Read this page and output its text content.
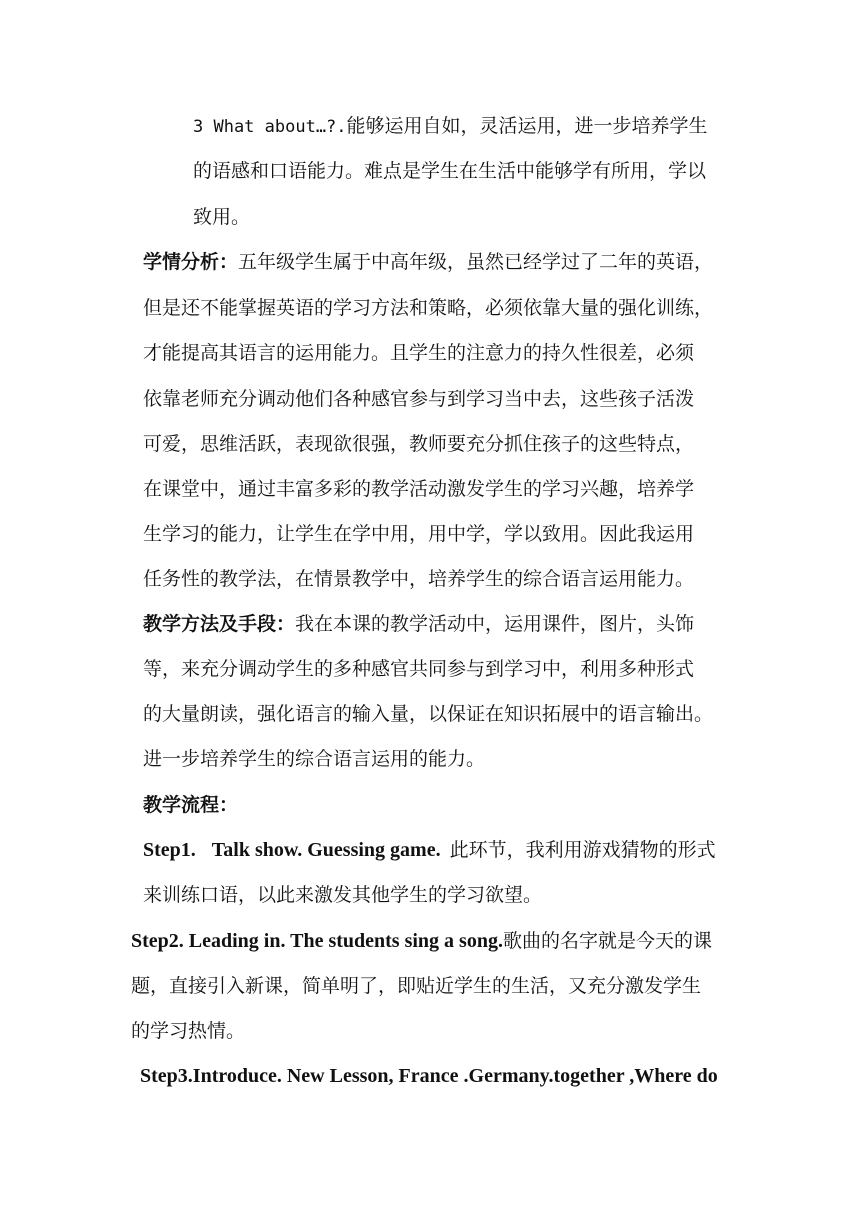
3 What about…?.能够运用自如，灵活运用，进一步培养学生
的语感和口语能力。难点是学生在生活中能够学有所用，学以
致用。
学情分析：五年级学生属于中高年级，虽然已经学过了二年的英语，
但是还不能掌握英语的学习方法和策略，必须依靠大量的强化训练，
才能提高其语言的运用能力。且学生的注意力的持久性很差，必须
依靠老师充分调动他们各种感官参与到学习当中去，这些孩子活泼
可爱，思维活跃，表现欲很强，教师要充分抓住孩子的这些特点，
在课堂中，通过丰富多彩的教学活动激发学生的学习兴趣，培养学
生学习的能力，让学生在学中用，用中学，学以致用。因此我运用
任务性的教学法，在情景教学中，培养学生的综合语言运用能力。
教学方法及手段：我在本课的教学活动中，运用课件，图片，头饰
等，来充分调动学生的多种感官共同参与到学习中，利用多种形式
的大量朗读，强化语言的输入量，以保证在知识拓展中的语言输出。
进一步培养学生的综合语言运用的能力。
教学流程：
Step1. Talk show. Guessing game. 此环节，我利用游戏猜物的形式
来训练口语，以此来激发其他学生的学习欲望。
Step2. Leading in. The students sing a song.歌曲的名字就是今天的课
题，直接引入新课，简单明了，即贴近学生的生活，又充分激发学生
的学习热情。
Step3.Introduce. New Lesson, France .Germany.together ,Where do
